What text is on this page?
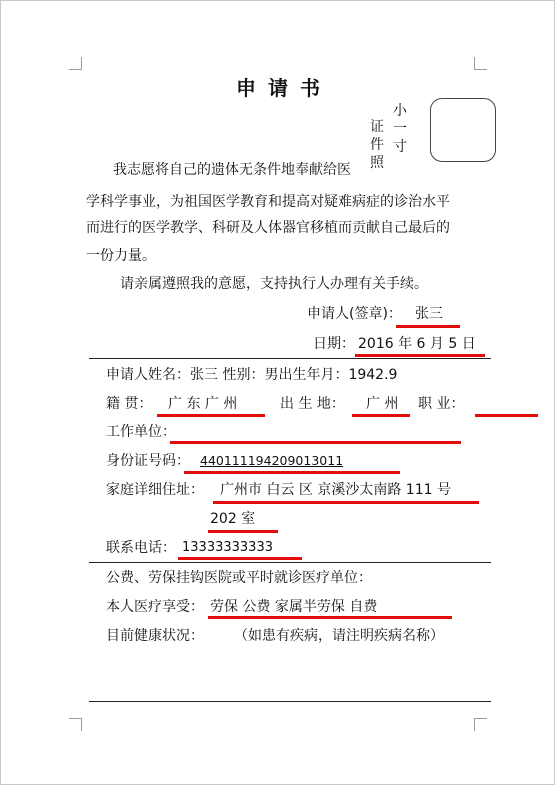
申请书
证件照
小一寸
我志愿将自己的遗体无条件地奉献给医
学科学事业，为祖国医学教育和提高对疑难病症的诊治水平
而进行的医学教学、科研及人体器官移植而贡献自己最后的
一份力量。
请亲属遵照我的意愿，支持执行人办理有关手续。
申请人(签章)： 张三
日期： 2016 年 6 月 5 日
申请人姓名：张三 性别：男出生年月：1942.9
籍 贯： 广 东 广 州	出 生 地： 广 州 职 业：
工作单位：
身份证号码： 440111194209013011
家庭详细住址： 广州市 白云 区 京溪沙太南路 111 号
202 室
联系电话： 13333333333
公费、劳保挂钩医院或平时就诊医疗单位：
本人医疗享受： 劳保 公费 家属半劳保 自费
目前健康状况： （如患有疾病，请注明疾病名称）
